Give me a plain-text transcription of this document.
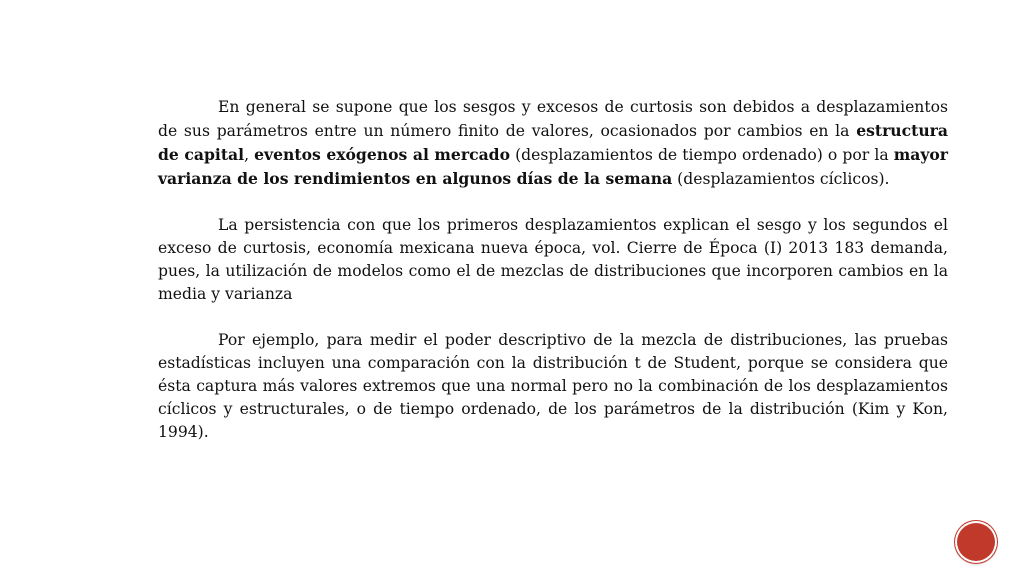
En general se supone que los sesgos y excesos de curtosis son debidos a desplazamientos de sus parámetros entre un número finito de valores, ocasionados por cambios en la estructura de capital, eventos exógenos al mercado (desplazamientos de tiempo ordenado) o por la mayor varianza de los rendimientos en algunos días de la semana (desplazamientos cíclicos).

La persistencia con que los primeros desplazamientos explican el sesgo y los segundos el exceso de curtosis, economía mexicana nueva época, vol. Cierre de Época (I) 2013 183 demanda, pues, la utilización de modelos como el de mezclas de distribuciones que incorporen cambios en la media y varianza

Por ejemplo, para medir el poder descriptivo de la mezcla de distribuciones, las pruebas estadísticas incluyen una comparación con la distribución t de Student, porque se considera que ésta captura más valores extremos que una normal pero no la combinación de los desplazamientos cíclicos y estructurales, o de tiempo ordenado, de los parámetros de la distribución (Kim y Kon, 1994).
